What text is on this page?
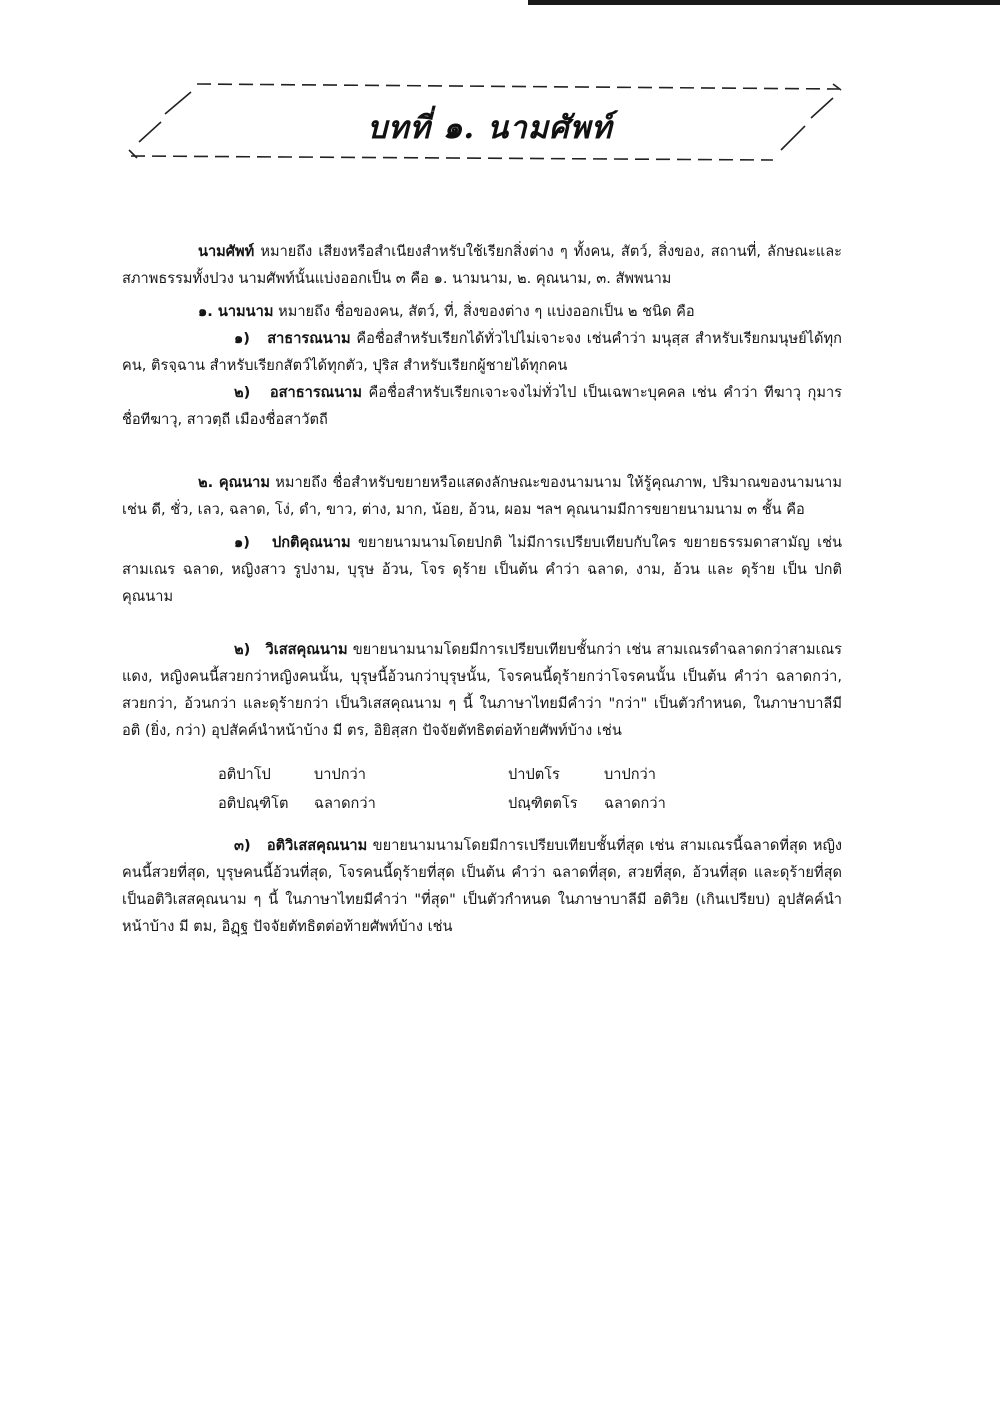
บทที่ ๑. นามศัพท์

นามศัพท์ หมายถึง เสียงหรือสำเนียงสำหรับใช้เรียกสิ่งต่าง ๆ ทั้งคน, สัตว์, สิ่งของ, สถานที่, ลักษณะและสภาพธรรมทั้งปวง นามศัพท์นั้นแบ่งออกเป็น ๓ คือ ๑. นามนาม, ๒. คุณนาม, ๓. สัพพนาม

๑. นามนาม หมายถึง ชื่อของคน, สัตว์, ที่, สิ่งของต่าง ๆ แบ่งออกเป็น ๒ ชนิด คือ

๑) สาธารณนาม คือชื่อสำหรับเรียกได้ทั่วไปไม่เจาะจง เช่นคำว่า มนุสฺส สำหรับเรียกมนุษย์ได้ทุกคน, ติรจฺฉาน สำหรับเรียกสัตว์ได้ทุกตัว, ปุริส สำหรับเรียกผู้ชายได้ทุกคน

๒) อสาธารณนาม คือชื่อสำหรับเรียกเจาะจงไม่ทั่วไป เป็นเฉพาะบุคคล เช่น คำว่า ทีฆาวุ กุมารชื่อทีฆาวุ, สาวตฺถี เมืองชื่อสาวัตถี

๒. คุณนาม หมายถึง ชื่อสำหรับขยายหรือแสดงลักษณะของนามนาม ให้รู้คุณภาพ, ปริมาณของนามนาม เช่น ดี, ชั่ว, เลว, ฉลาด, โง่, ดำ, ขาว, ต่าง, มาก, น้อย, อ้วน, ผอม ฯลฯ คุณนามมีการขยายนามนาม ๓ ชั้น คือ

๑) ปกติคุณนาม ขยายนามนามโดยปกติ ไม่มีการเปรียบเทียบกับใคร ขยายธรรมดาสามัญ เช่น สามเณร ฉลาด, หญิงสาว รูปงาม, บุรุษ อ้วน, โจร ดุร้าย เป็นต้น คำว่า ฉลาด, งาม, อ้วน และ ดุร้าย เป็น ปกติคุณนาม

๒) วิเสสคุณนาม ขยายนามนามโดยมีการเปรียบเทียบชั้นกว่า เช่น สามเณรดำฉลาดกว่าสามเณรแดง, หญิงคนนี้สวยกว่าหญิงคนนั้น, บุรุษนี้อ้วนกว่าบุรุษนั้น, โจรคนนี้ดุร้ายกว่าโจรคนนั้น เป็นต้น คำว่า ฉลาดกว่า, สวยกว่า, อ้วนกว่า และดุร้ายกว่า เป็นวิเสสคุณนาม ๆ นี้ ในภาษาไทยมีคำว่า "กว่า" เป็นตัวกำหนด, ในภาษาบาลีมี อติ (ยิ่ง, กว่า) อุปสัคค์นำหน้าบ้าง มี ตร, อิยิสฺสก ปัจจัยตัทธิตต่อท้ายศัพท์บ้าง เช่น

อติปาโป	บาปกว่า	ปาปตโร	บาปกว่า
อติปณฺฑิโต	ฉลาดกว่า	ปณฺฑิตตโร	ฉลาดกว่า

๓) อติวิเสสคุณนาม ขยายนามนามโดยมีการเปรียบเทียบชั้นที่สุด เช่น สามเณรนี้ฉลาดที่สุด หญิงคนนี้สวยที่สุด, บุรุษคนนี้อ้วนที่สุด, โจรคนนี้ดุร้ายที่สุด เป็นต้น คำว่า ฉลาดที่สุด, สวยที่สุด, อ้วนที่สุด และดุร้ายที่สุด เป็นอติวิเสสคุณนาม ๆ นี้ ในภาษาไทยมีคำว่า "ที่สุด" เป็นตัวกำหนด ในภาษาบาลีมี อติวิย (เกินเปรียบ) อุปสัคค์นำหน้าบ้าง มี ตม, อิฏฺฐ ปัจจัยตัทธิตต่อท้ายศัพท์บ้าง เช่น
